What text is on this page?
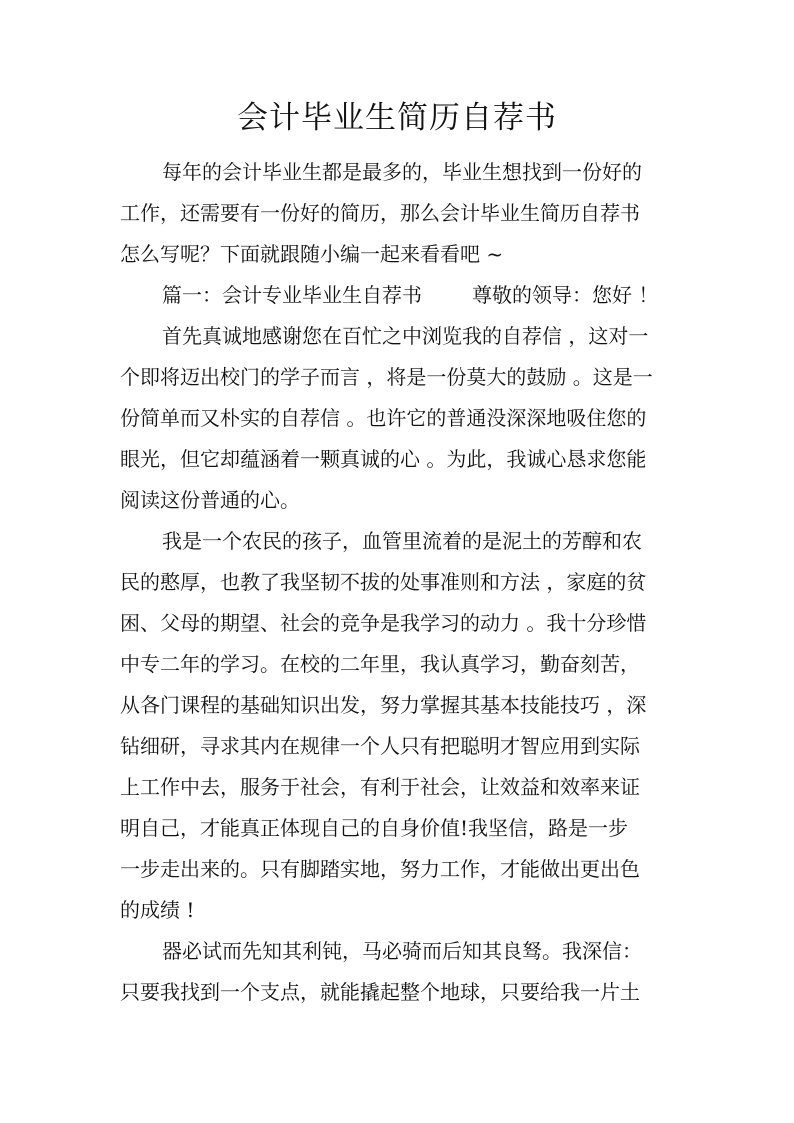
会计毕业生简历自荐书
每年的会计毕业生都是最多的，毕业生想找到一份好的
工作，还需要有一份好的简历，那么会计毕业生简历自荐书
怎么写呢？下面就跟随小编一起来看看吧 ~
篇一：会计专业毕业生自荐书	尊敬的领导：您好 ！
首先真诚地感谢您在百忙之中浏览我的自荐信 ，这对一
个即将迈出校门的学子而言 ，将是一份莫大的鼓励 。这是一
份简单而又朴实的自荐信 。也许它的普通没深深地吸住您的
眼光，但它却蕴涵着一颗真诚的心 。为此，我诚心恳求您能
阅读这份普通的心。
我是一个农民的孩子，血管里流着的是泥土的芳醇和农
民的憨厚，也教了我坚韧不拔的处事准则和方法 ，家庭的贫
困、父母的期望、社会的竞争是我学习的动力 。我十分珍惜
中专二年的学习。在校的二年里，我认真学习，勤奋刻苦，
从各门课程的基础知识出发，努力掌握其基本技能技巧 ，深
钻细研，寻求其内在规律一个人只有把聪明才智应用到实际
上工作中去，服务于社会，有利于社会，让效益和效率来证
明自己，才能真正体现自己的自身价值!我坚信，路是一步
一步走出来的。只有脚踏实地，努力工作，才能做出更出色
的成绩 !
器必试而先知其利钝，马必骑而后知其良驽。我深信：
只要我找到一个支点，就能撬起整个地球，只要给我一片土
